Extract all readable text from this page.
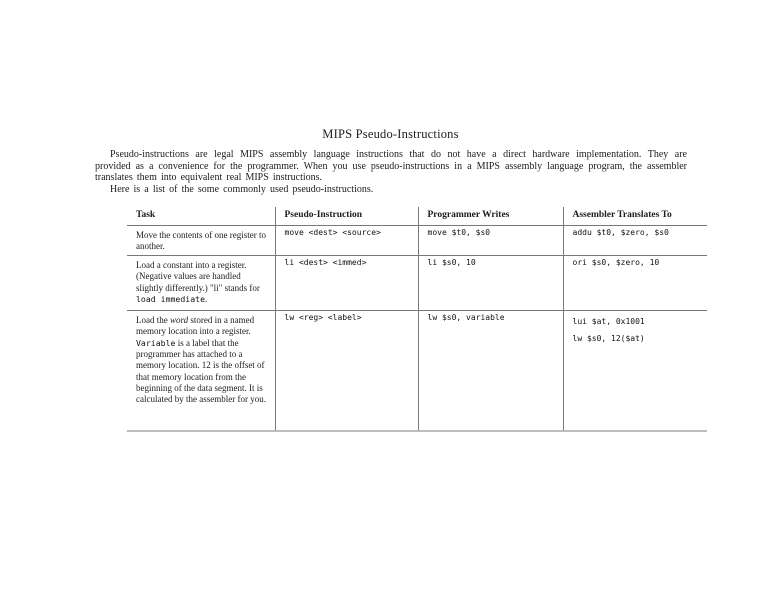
MIPS Pseudo-Instructions

Pseudo-instructions are legal MIPS assembly language instructions that do not have a direct hardware implementation. They are provided as a convenience for the programmer. When you use pseudo-instructions in a MIPS assembly language program, the assembler translates them into equivalent real MIPS instructions.

Here is a list of the some commonly used pseudo-instructions.

Task	Pseudo-Instruction	Programmer Writes	Assembler Translates To
Move the contents of one register to another.	move <dest> <source>	move $t0, $s0	addu $t0, $zero, $s0
Load a constant into a register. (Negative values are handled slightly differently.) "li" stands for load immediate.	li <dest> <immed>	li $s0, 10	ori $s0, $zero, 10
Load the word stored in a named memory location into a register. Variable is a label that the programmer has attached to a memory location. 12 is the offset of that memory location from the beginning of the data segment. It is calculated by the assembler for you.	lw <reg> <label>	lw $s0, variable	lui $at, 0x1001
lw $s0, 12($at)
